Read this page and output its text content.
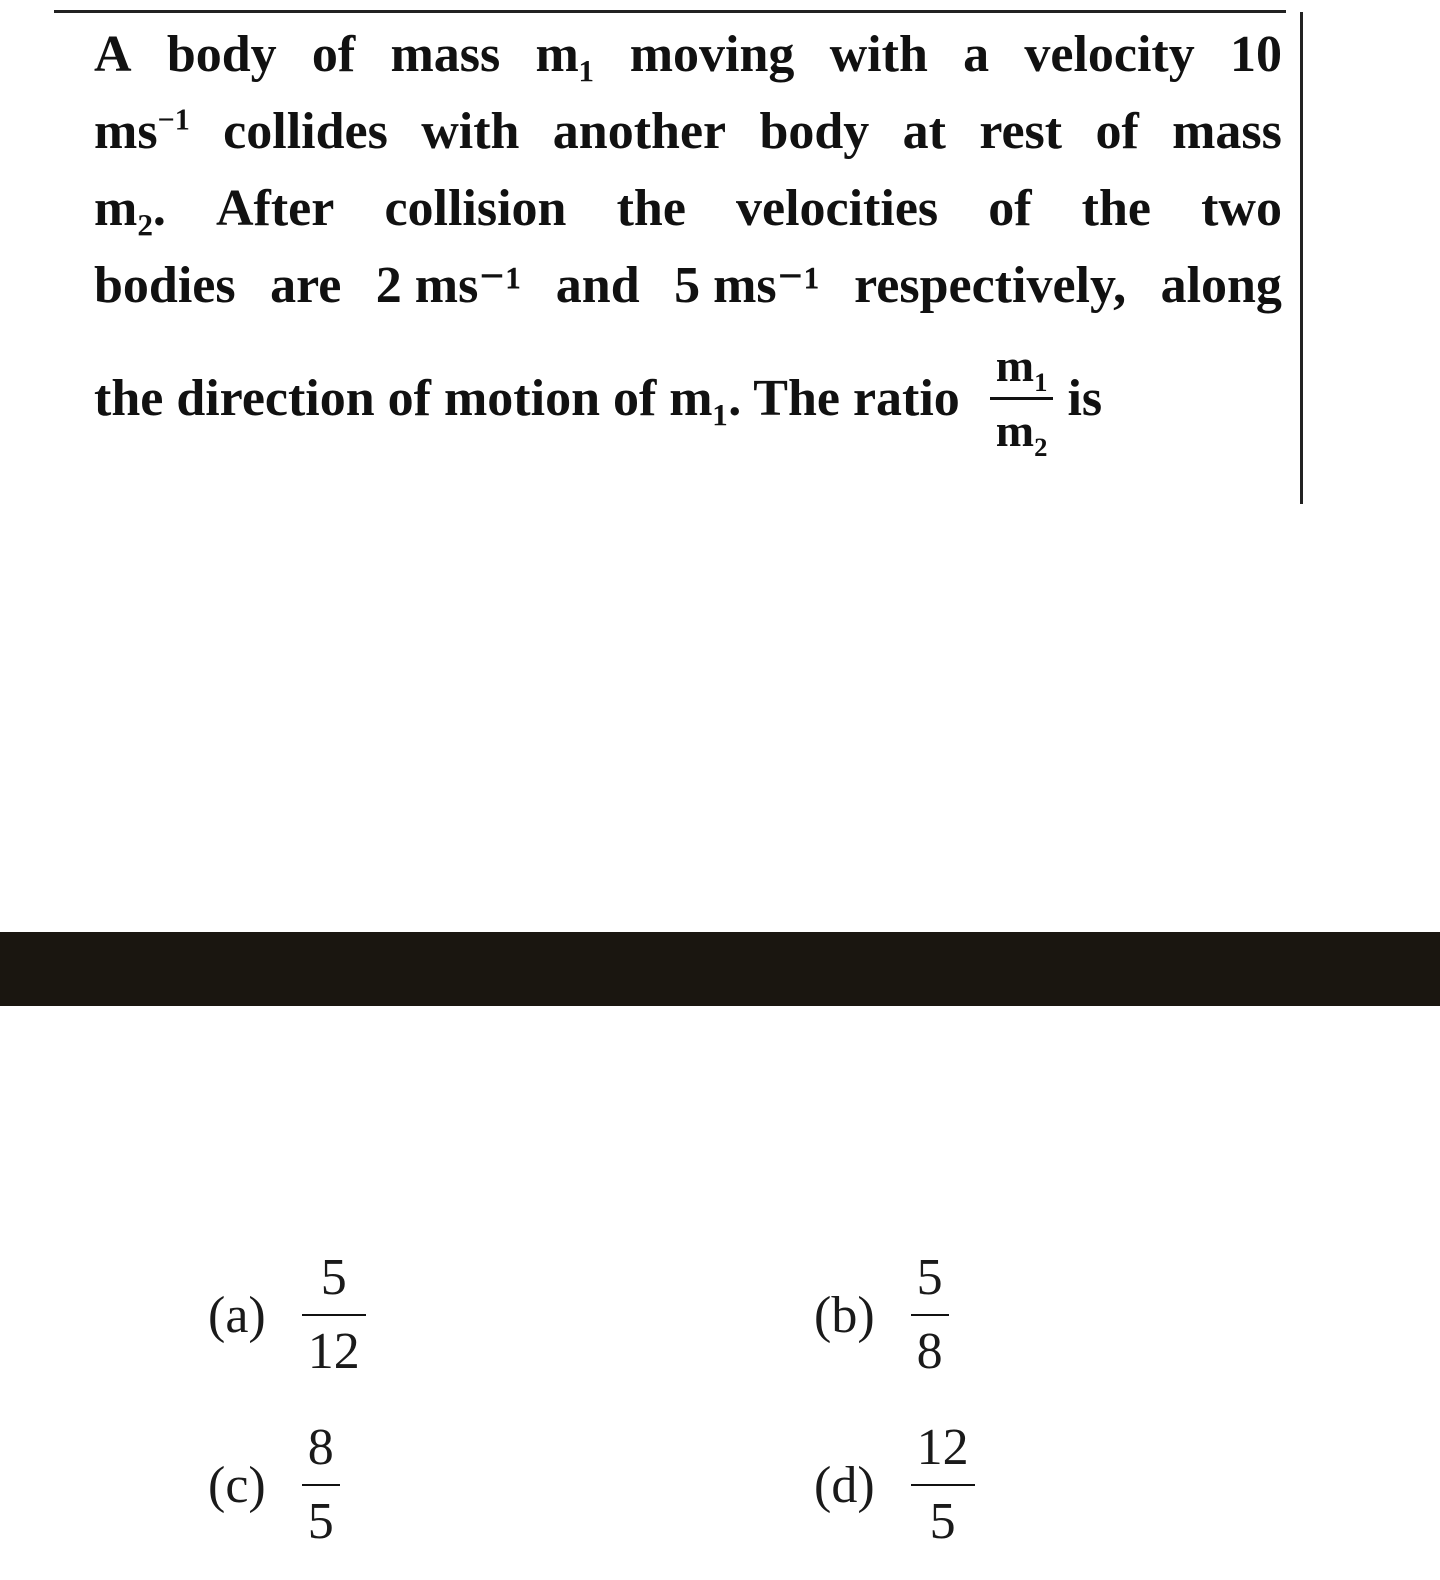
A body of mass m₁ moving with a velocity 10
$ms^{-1}$ collides with another body at rest of mass
m₂. After collision the velocities of the two
bodies are 2 ms⁻¹ and 5 ms⁻¹ respectively, along
the direction of motion of m₁. The ratio $\frac{m_1}{m_2}$ is
$(a) \frac{5}{12}$	$(b) \frac{5}{8}$
$(c) \frac{8}{5}$	$(d) \frac{12}{5}$
